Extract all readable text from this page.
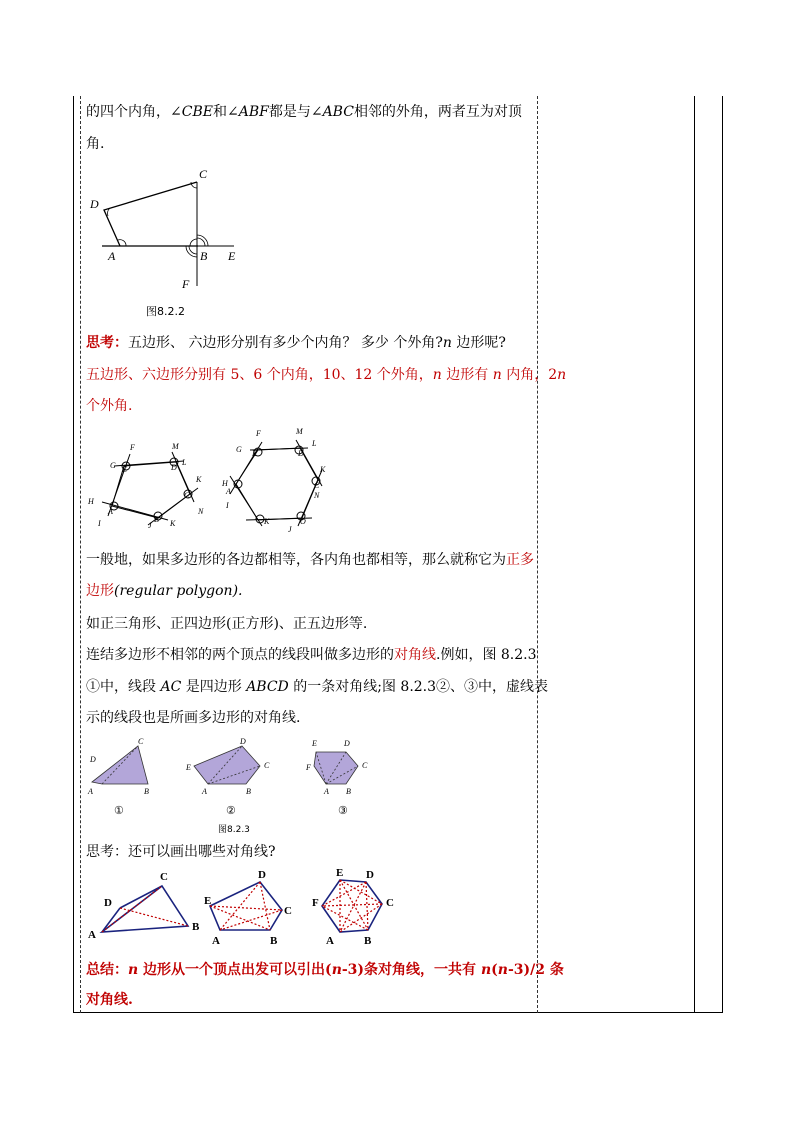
的四个内角，∠CBE和∠ABF都是与∠ABC相邻的外角，两者互为对顶
角.
C
D
A	B E
F
图8.2.2
思考：五边形、 六边形分别有多少个内角？ 多少 个外角?n 边形呢?
五边形、六边形分别有 5、6 个内角，10、12 个外角，n 边形有 n 内角，2n
个外角.
F
G E
M
L
D
K
C
N
K
J
B
H
A
I
F
G E
M
L
D
K
C
N
H
A
I
K
J
O
一般地，如果多边形的各边都相等，各内角也都相等，那么就称它为正多
边形(regular polygon).
如正三角形、正四边形(正方形)、正五边形等.
连结多边形不相邻的两个顶点的线段叫做多边形的对角线.例如，图 8.2.3
①中，线段 AC 是四边形 ABCD 的一条对角线;图 8.2.3②、③中，虚线表
示的线段也是所画多边形的对角线.
D
C
A	B
E
D
C
A	B
E	D
F	C
A B
①	②	③
图8.2.3
思考：还可以画出哪些对角线?
D
C
A
B
E
D
C
A	B
E D
F	C
A	B
总结：n 边形从一个顶点出发可以引出(n-3)条对角线，一共有 n(n-3)/2 条
对角线.
